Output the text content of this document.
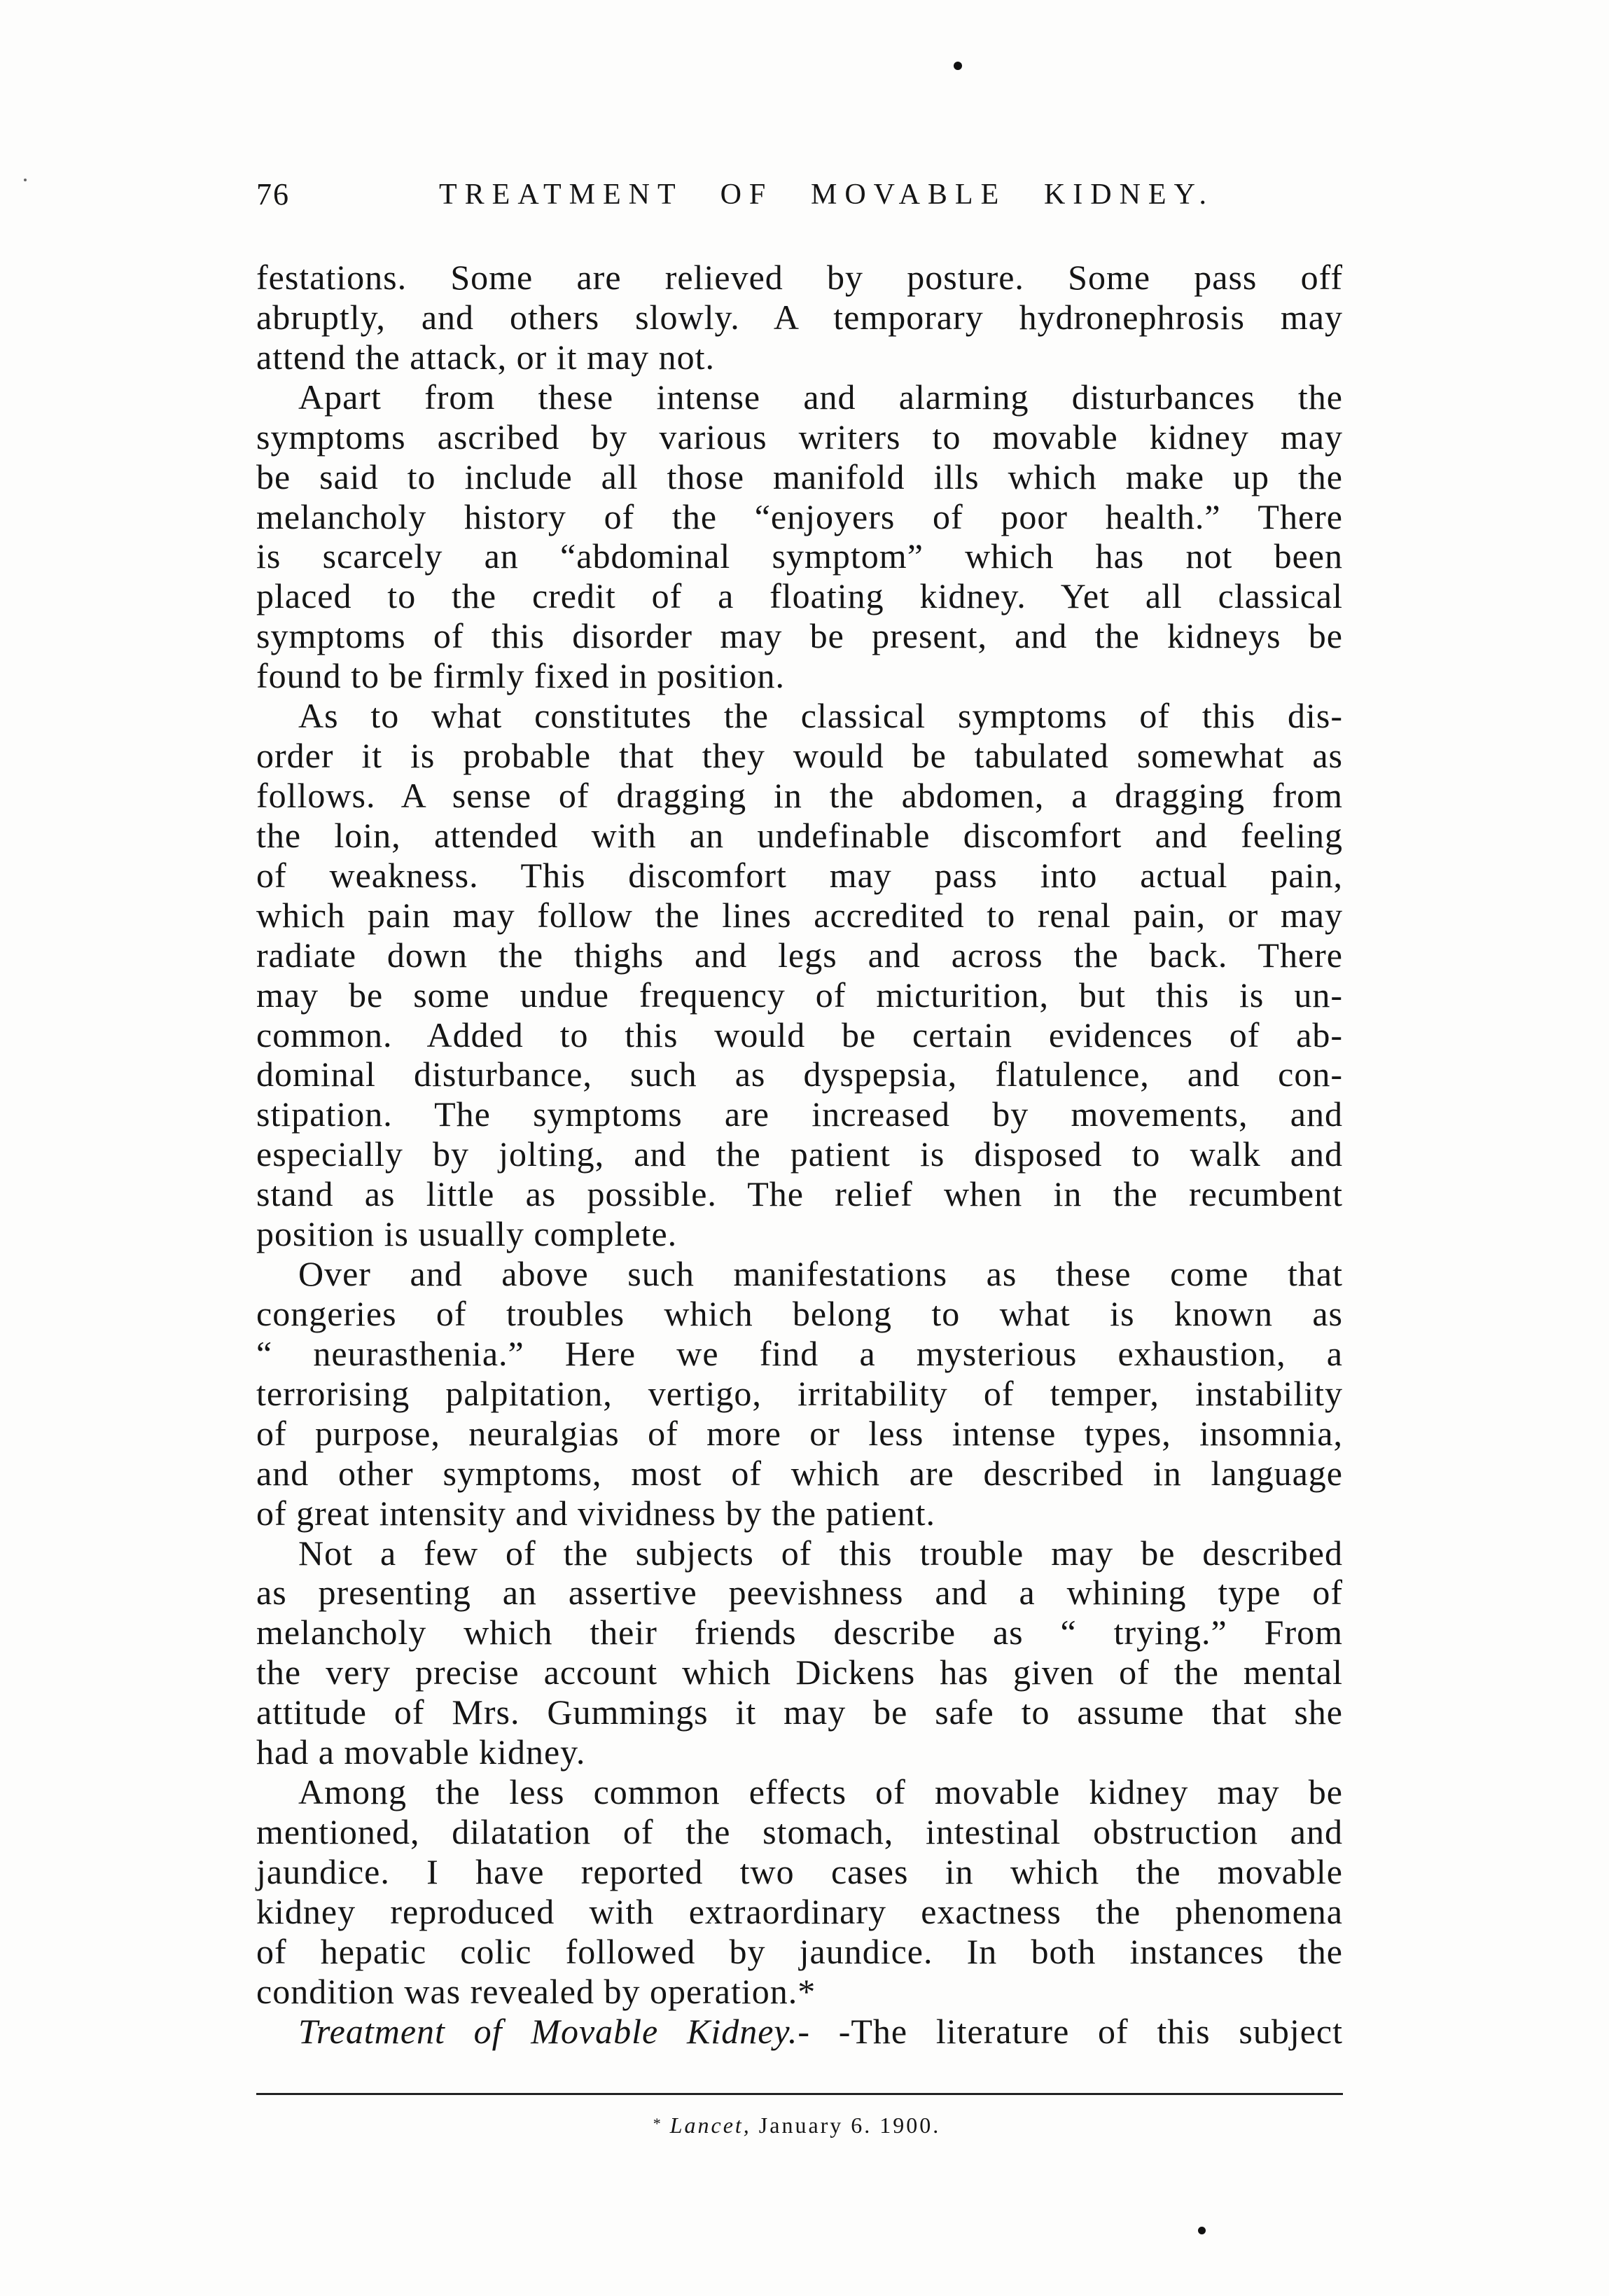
76	TREATMENT OF MOVABLE KIDNEY.
festations. Some are relieved by posture. Some pass off
abruptly, and others slowly. A temporary hydronephrosis may
attend the attack, or it may not.
Apart from these intense and alarming disturbances the
symptoms ascribed by various writers to movable kidney may
be said to include all those manifold ills which make up the
melancholy history of the “enjoyers of poor health.” There
is scarcely an “abdominal symptom” which has not been
placed to the credit of a floating kidney. Yet all classical
symptoms of this disorder may be present, and the kidneys be
found to be firmly fixed in position.
As to what constitutes the classical symptoms of this dis-
order it is probable that they would be tabulated somewhat as
follows. A sense of dragging in the abdomen, a dragging from
the loin, attended with an undefinable discomfort and feeling
of weakness. This discomfort may pass into actual pain,
which pain may follow the lines accredited to renal pain, or may
radiate down the thighs and legs and across the back. There
may be some undue frequency of micturition, but this is un-
common. Added to this would be certain evidences of ab-
dominal disturbance, such as dyspepsia, flatulence, and con-
stipation. The symptoms are increased by movements, and
especially by jolting, and the patient is disposed to walk and
stand as little as possible. The relief when in the recumbent
position is usually complete.
Over and above such manifestations as these come that
congeries of troubles which belong to what is known as
“ neurasthenia.” Here we find a mysterious exhaustion, a
terrorising palpitation, vertigo, irritability of temper, instability
of purpose, neuralgias of more or less intense types, insomnia,
and other symptoms, most of which are described in language
of great intensity and vividness by the patient.
Not a few of the subjects of this trouble may be described
as presenting an assertive peevishness and a whining type of
melancholy which their friends describe as “ trying.” From
the very precise account which Dickens has given of the mental
attitude of Mrs. Gummings it may be safe to assume that she
had a movable kidney.
Among the less common effects of movable kidney may be
mentioned, dilatation of the stomach, intestinal obstruction and
jaundice. I have reported two cases in which the movable
kidney reproduced with extraordinary exactness the phenomena
of hepatic colic followed by jaundice. In both instances the
condition was revealed by operation.*
Treatment of Movable Kidney.- -The literature of this subject
* Lancet, January 6. 1900.
